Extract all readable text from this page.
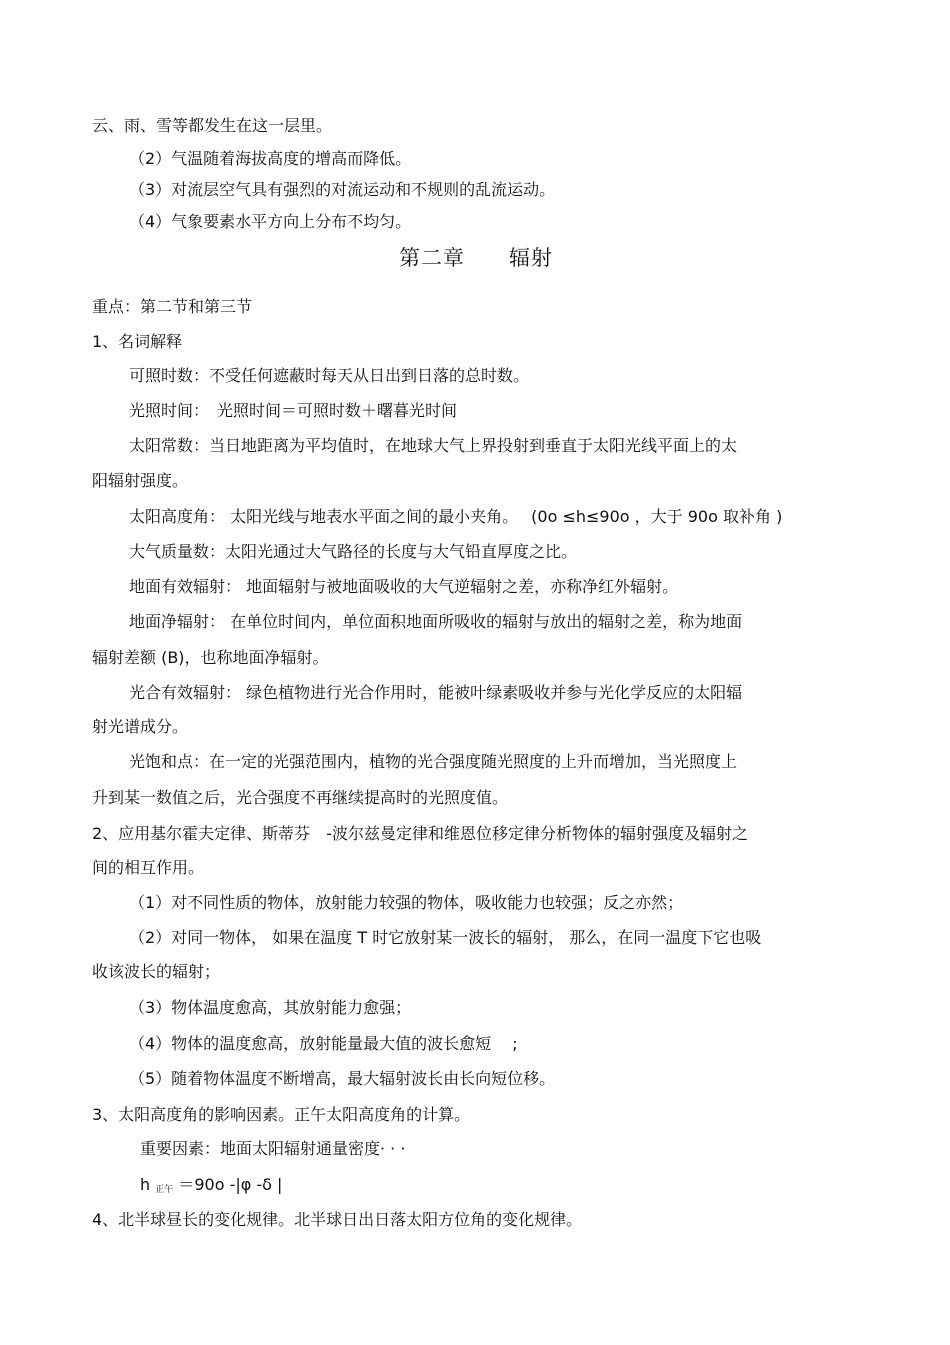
云、雨、雪等都发生在这一层里。
（2）气温随着海拔高度的增高而降低。
（3）对流层空气具有强烈的对流运动和不规则的乱流运动。
（4）气象要素水平方向上分布不均匀。
第二章　　辐射
重点：第二节和第三节
1、名词解释
可照时数：不受任何遮蔽时每天从日出到日落的总时数。
光照时间：　光照时间＝可照时数＋曙暮光时间
太阳常数：当日地距离为平均值时，在地球大气上界投射到垂直于太阳光线平面上的太
阳辐射强度。
太阳高度角： 太阳光线与地表水平面之间的最小夹角。　 (0o ≤h≤90o ，大于 90o 取补角 )
大气质量数：太阳光通过大气路径的长度与大气铅直厚度之比。
地面有效辐射： 地面辐射与被地面吸收的大气逆辐射之差，亦称净红外辐射。
地面净辐射： 在单位时间内，单位面积地面所吸收的辐射与放出的辐射之差，称为地面
辐射差额 (B)，也称地面净辐射。
光合有效辐射： 绿色植物进行光合作用时，能被叶绿素吸收并参与光化学反应的太阳辐
射光谱成分。
光饱和点：在一定的光强范围内，植物的光合强度随光照度的上升而增加，当光照度上
升到某一数值之后，光合强度不再继续提高时的光照度值。
2、应用基尔霍夫定律、斯蒂芬　-波尔兹曼定律和维恩位移定律分析物体的辐射强度及辐射之
间的相互作用。
（1）对不同性质的物体，放射能力较强的物体，吸收能力也较强；反之亦然；
（2）对同一物体， 如果在温度 T 时它放射某一波长的辐射， 那么，在同一温度下它也吸
收该波长的辐射；
（3）物体温度愈高，其放射能力愈强；
（4）物体的温度愈高，放射能量最大值的波长愈短　 ;
（5）随着物体温度不断增高，最大辐射波长由长向短位移。
3、太阳高度角的影响因素。正午太阳高度角的计算。
重要因素：地面太阳辐射通量密度· · ·
h $_{正午}$ ＝90o -|φ -δ |
4、北半球昼长的变化规律。北半球日出日落太阳方位角的变化规律。
